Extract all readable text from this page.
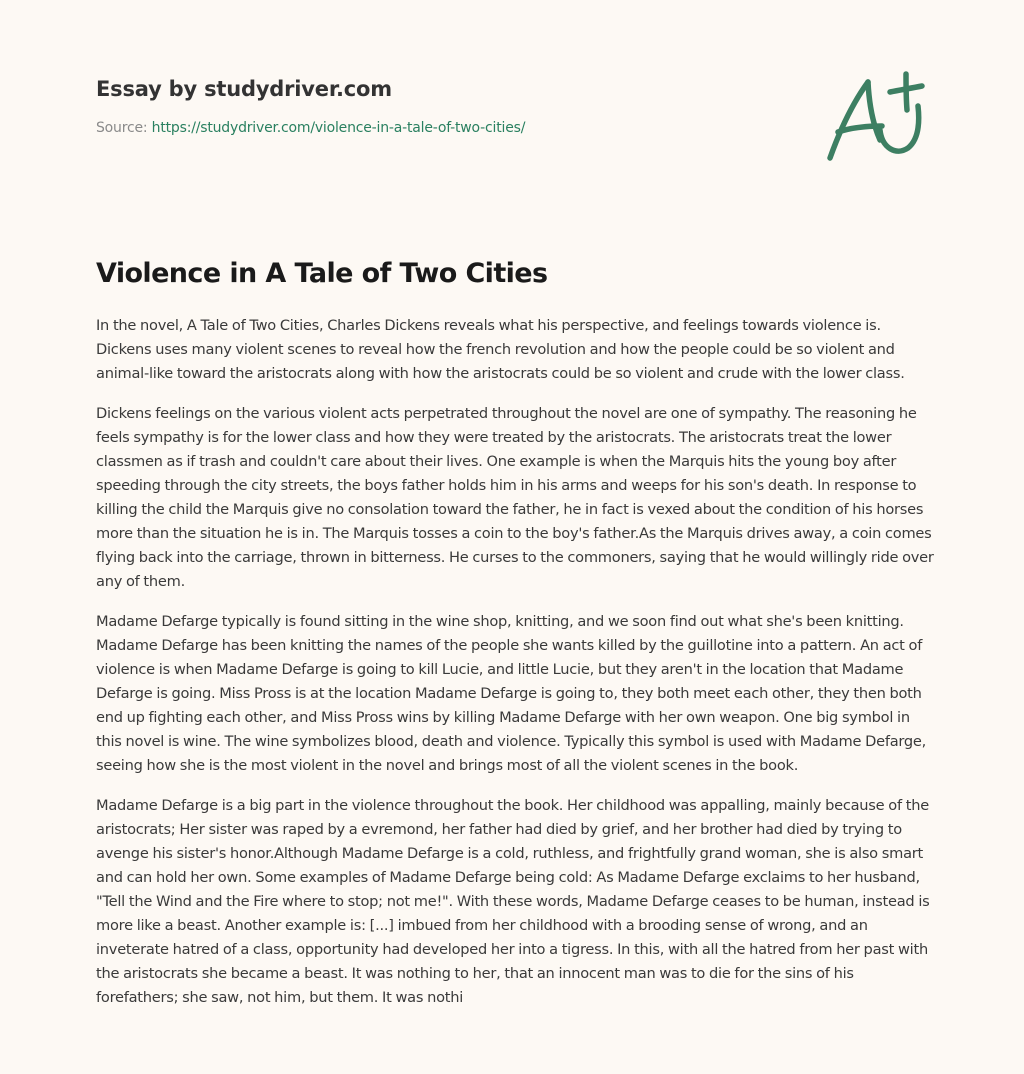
Essay by studydriver.com
Source: https://studydriver.com/violence-in-a-tale-of-two-cities/
Violence in A Tale of Two Cities

In the novel, A Tale of Two Cities, Charles Dickens reveals what his perspective, and feelings towards violence is. Dickens uses many violent scenes to reveal how the french revolution and how the people could be so violent and animal-like toward the aristocrats along with how the aristocrats could be so violent and crude with the lower class.

Dickens feelings on the various violent acts perpetrated throughout the novel are one of sympathy. The reasoning he feels sympathy is for the lower class and how they were treated by the aristocrats. The aristocrats treat the lower classmen as if trash and couldn't care about their lives. One example is when the Marquis hits the young boy after speeding through the city streets, the boys father holds him in his arms and weeps for his son's death. In response to killing the child the Marquis give no consolation toward the father, he in fact is vexed about the condition of his horses more than the situation he is in. The Marquis tosses a coin to the boy's father.As the Marquis drives away, a coin comes flying back into the carriage, thrown in bitterness. He curses to the commoners, saying that he would willingly ride over any of them.

Madame Defarge typically is found sitting in the wine shop, knitting, and we soon find out what she's been knitting. Madame Defarge has been knitting the names of the people she wants killed by the guillotine into a pattern. An act of violence is when Madame Defarge is going to kill Lucie, and little Lucie, but they aren't in the location that Madame Defarge is going. Miss Pross is at the location Madame Defarge is going to, they both meet each other, they then both end up fighting each other, and Miss Pross wins by killing Madame Defarge with her own weapon. One big symbol in this novel is wine. The wine symbolizes blood, death and violence. Typically this symbol is used with Madame Defarge, seeing how she is the most violent in the novel and brings most of all the violent scenes in the book.

Madame Defarge is a big part in the violence throughout the book. Her childhood was appalling, mainly because of the aristocrats; Her sister was raped by a evremond, her father had died by grief, and her brother had died by trying to avenge his sister's honor.Although Madame Defarge is a cold, ruthless, and frightfully grand woman, she is also smart and can hold her own. Some examples of Madame Defarge being cold: As Madame Defarge exclaims to her husband, "Tell the Wind and the Fire where to stop; not me!". With these words, Madame Defarge ceases to be human, instead is more like a beast. Another example is: [...] imbued from her childhood with a brooding sense of wrong, and an inveterate hatred of a class, opportunity had developed her into a tigress. In this, with all the hatred from her past with the aristocrats she became a beast. It was nothing to her, that an innocent man was to die for the sins of his forefathers; she saw, not him, but them. It was nothi
